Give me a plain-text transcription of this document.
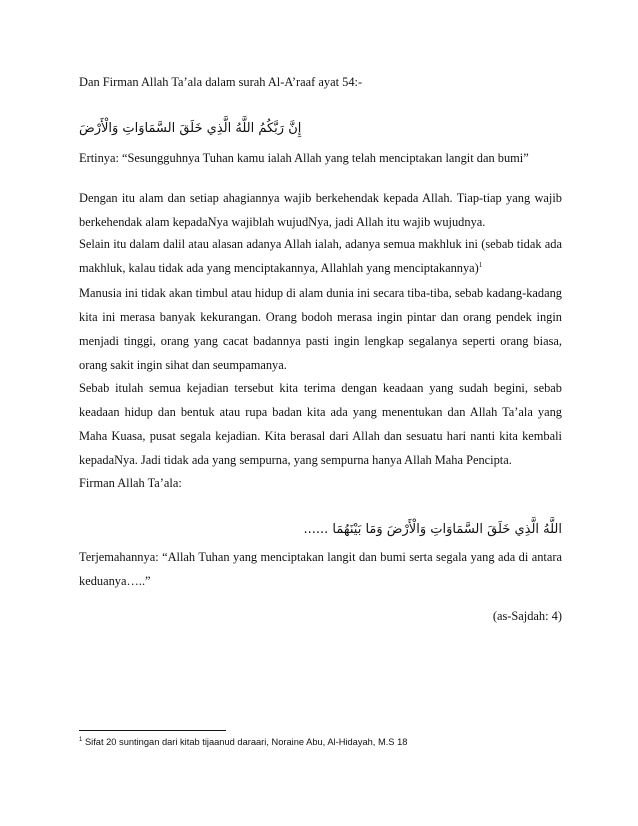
Dan Firman Allah Ta’ala dalam surah Al-A’raaf ayat 54:-

إِنَّ رَبَّكُمُ اللَّهُ الَّذِي خَلَقَ السَّمَاوَاتِ وَالْأَرْضَ

Ertinya: “Sesungguhnya Tuhan kamu ialah Allah yang telah menciptakan langit dan bumi”

Dengan itu alam dan setiap ahagiannya wajib berkehendak kepada Allah. Tiap-tiap yang wajib berkehendak alam kepadaNya wajiblah wujudNya, jadi Allah itu wajib wujudnya.

Selain itu dalam dalil atau alasan adanya Allah ialah, adanya semua makhluk ini (sebab tidak ada makhluk, kalau tidak ada yang menciptakannya, Allahlah yang menciptakannya)$^1$

Manusia ini tidak akan timbul atau hidup di alam dunia ini secara tiba-tiba, sebab kadang-kadang kita ini merasa banyak kekurangan. Orang bodoh merasa ingin pintar dan orang pendek ingin menjadi tinggi, orang yang cacat badannya pasti ingin lengkap segalanya seperti orang biasa, orang sakit ingin sihat dan seumpamanya.

Sebab itulah semua kejadian tersebut kita terima dengan keadaan yang sudah begini, sebab keadaan hidup dan bentuk atau rupa badan kita ada yang menentukan dan Allah Ta’ala yang Maha Kuasa, pusat segala kejadian. Kita berasal dari Allah dan sesuatu hari nanti kita kembali kepadaNya. Jadi tidak ada yang sempurna, yang sempurna hanya Allah Maha Pencipta.

Firman Allah Ta’ala:

اللَّهُ الَّذِي خَلَقَ السَّمَاوَاتِ وَالْأَرْضَ وَمَا بَيْنَهُمَا ......

Terjemahannya: “Allah Tuhan yang menciptakan langit dan bumi serta segala yang ada di antara keduanya…..”

(as-Sajdah: 4)

$^1$ Sifat 20 suntingan dari kitab tijaanud daraari, Noraine Abu, Al-Hidayah, M.S 18
